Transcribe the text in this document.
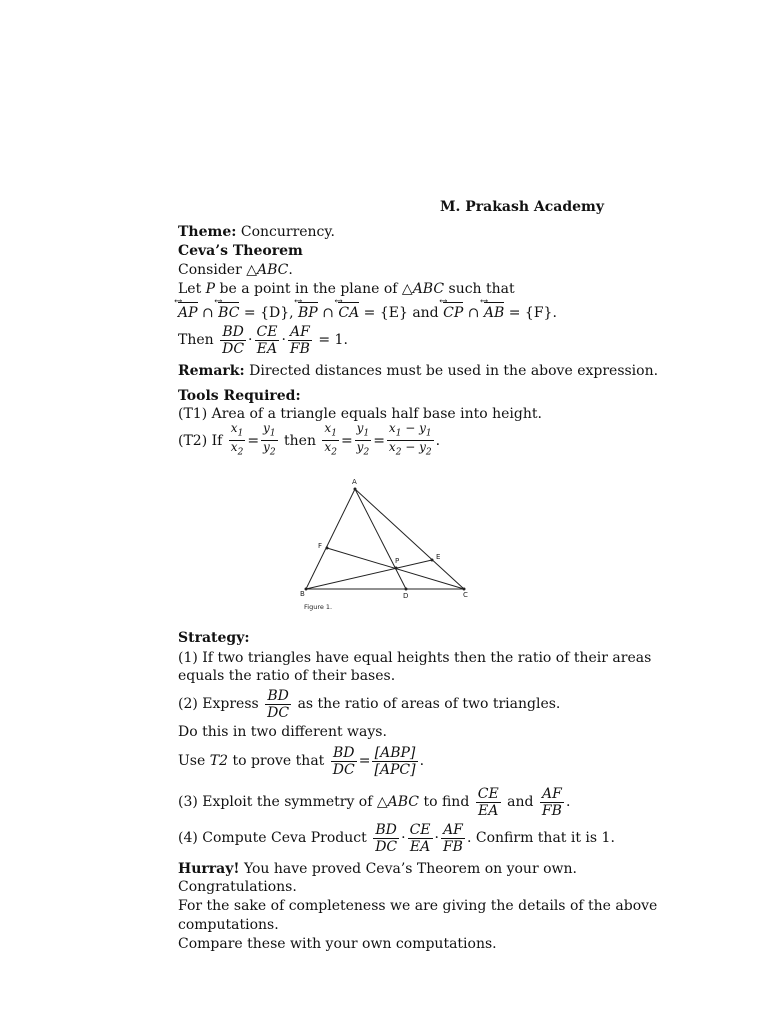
M. Prakash Academy
Theme: Concurrency.
Ceva’s Theorem
Consider △ABC.
Let P be a point in the plane of △ABC such that
AP ↔ ∩ BC ↔ = {D}, BP ↔ ∩ CA ↔ = {E} and CP ↔ ∩ AB ↔ = {F}.
Then $\frac{BD}{DC} \cdot \frac{CE}{EA} \cdot \frac{AF}{FB} = 1$.
Remark: Directed distances must be used in the above expression.
Tools Required:
(T1) Area of a triangle equals half base into height.
(T2) If $\frac{x_1}{x_2} = \frac{y_1}{y_2}$ then $\frac{x_1}{x_2} = \frac{y_1}{y_2} = \frac{x_1 - y_1}{x_2 - y_2}$ .
A
B	C
D
E
F
P
Figure 1.
Strategy:
(1) If two triangles have equal heights then the ratio of their areas
equals the ratio of their bases.
(2) Express $\frac{BD}{DC}$ as the ratio of areas of two triangles.
Do this in two different ways.
Use T2 to prove that $\frac{BD}{DC} = \frac{\text{[ABP]}}{\text{[APC]}}$ .
(3) Exploit the symmetry of △ABC to find $\frac{CE}{EA}$ and $\frac{AF}{FB}$ .
(4) Compute Ceva Product $\frac{BD}{DC} \cdot \frac{CE}{EA} \cdot \frac{AF}{FB}$ . Confirm that it is 1.
Hurray! You have proved Ceva’s Theorem on your own.
Congratulations.
For the sake of completeness we are giving the details of the above
computations.
Compare these with your own computations.
